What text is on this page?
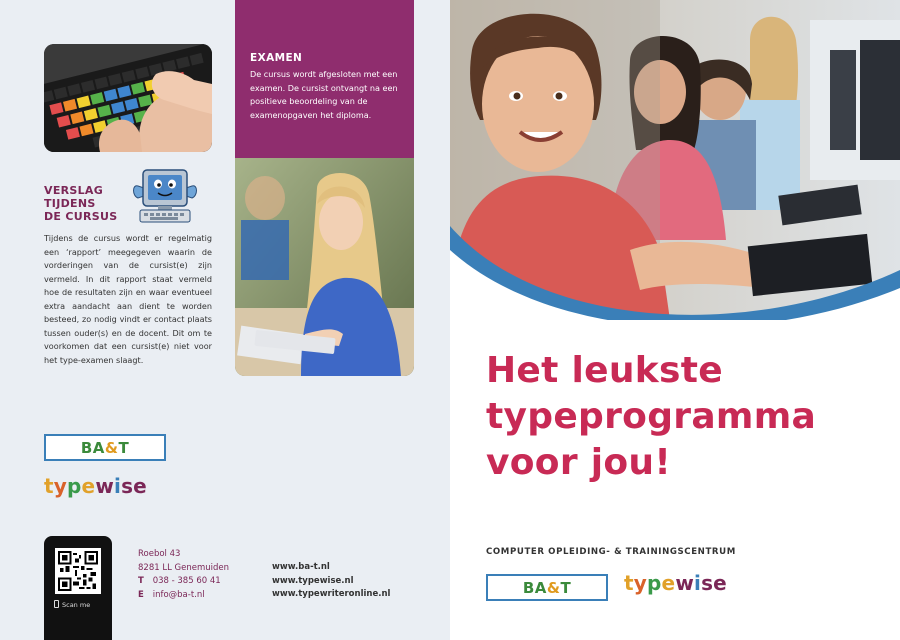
VERSLAG
TIJDENS
DE CURSUS
Tijdens de cursus wordt er regelmatig een ‘rapport’ meegegeven waarin de vorderingen van de cursist(e) zijn vermeld. In dit rapport staat vermeld hoe de resultaten zijn en waar eventueel extra aandacht aan dient te worden besteed, zo nodig vindt er contact plaats tussen ouder(s) en de docent. Dit om te voorkomen dat een cursist(e) niet voor het type-examen slaagt.
EXAMEN
De cursus wordt afgesloten met een examen. De cursist ontvangt na een positieve beoordeling van de examenopgaven het diploma.
BA&T
typewise
Scan me
Roebol 43
8281 LL Genemuiden
T 038 - 385 60 41
E info@ba-t.nl
www.ba-t.nl
www.typewise.nl
www.typewriteronline.nl
Het leukste
typeprogramma
voor jou!
COMPUTER OPLEIDING- & TRAININGSCENTRUM
BA&T	typewise
